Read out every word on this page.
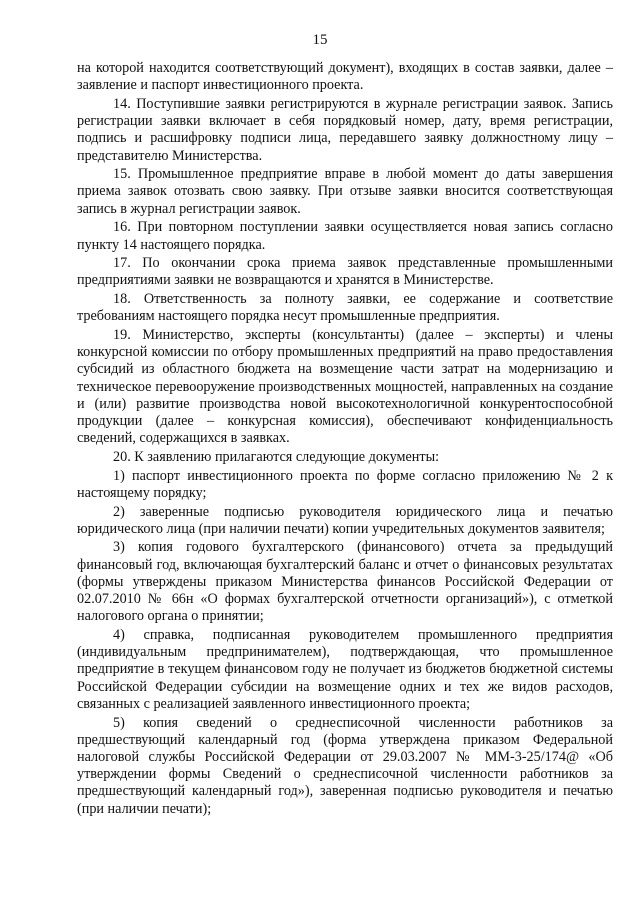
15

на которой находится соответствующий документ), входящих в состав заявки, далее – заявление и паспорт инвестиционного проекта.

14. Поступившие заявки регистрируются в журнале регистрации заявок. Запись регистрации заявки включает в себя порядковый номер, дату, время регистрации, подпись и расшифровку подписи лица, передавшего заявку должностному лицу – представителю Министерства.

15. Промышленное предприятие вправе в любой момент до даты завершения приема заявок отозвать свою заявку. При отзыве заявки вносится соответствующая запись в журнал регистрации заявок.

16. При повторном поступлении заявки осуществляется новая запись согласно пункту 14 настоящего порядка.

17. По окончании срока приема заявок представленные промышленными предприятиями заявки не возвращаются и хранятся в Министерстве.

18. Ответственность за полноту заявки, ее содержание и соответствие требованиям настоящего порядка несут промышленные предприятия.

19. Министерство, эксперты (консультанты) (далее – эксперты) и члены конкурсной комиссии по отбору промышленных предприятий на право предоставления субсидий из областного бюджета на возмещение части затрат на модернизацию и техническое перевооружение производственных мощностей, направленных на создание и (или) развитие производства новой высокотехнологичной конкурентоспособной продукции (далее – конкурсная комиссия), обеспечивают конфиденциальность сведений, содержащихся в заявках.

20. К заявлению прилагаются следующие документы:

1) паспорт инвестиционного проекта по форме согласно приложению № 2 к настоящему порядку;

2) заверенные подписью руководителя юридического лица и печатью юридического лица (при наличии печати) копии учредительных документов заявителя;

3) копия годового бухгалтерского (финансового) отчета за предыдущий финансовый год, включающая бухгалтерский баланс и отчет о финансовых результатах (формы утверждены приказом Министерства финансов Российской Федерации от 02.07.2010 № 66н «О формах бухгалтерской отчетности организаций»), с отметкой налогового органа о принятии;

4) справка, подписанная руководителем промышленного предприятия (индивидуальным предпринимателем), подтверждающая, что промышленное предприятие в текущем финансовом году не получает из бюджетов бюджетной системы Российской Федерации субсидии на возмещение одних и тех же видов расходов, связанных с реализацией заявленного инвестиционного проекта;

5) копия сведений о среднесписочной численности работников за предшествующий календарный год (форма утверждена приказом Федеральной налоговой службы Российской Федерации от 29.03.2007 № ММ-3-25/174@ «Об утверждении формы Сведений о среднесписочной численности работников за предшествующий календарный год»), заверенная подписью руководителя и печатью (при наличии печати);
